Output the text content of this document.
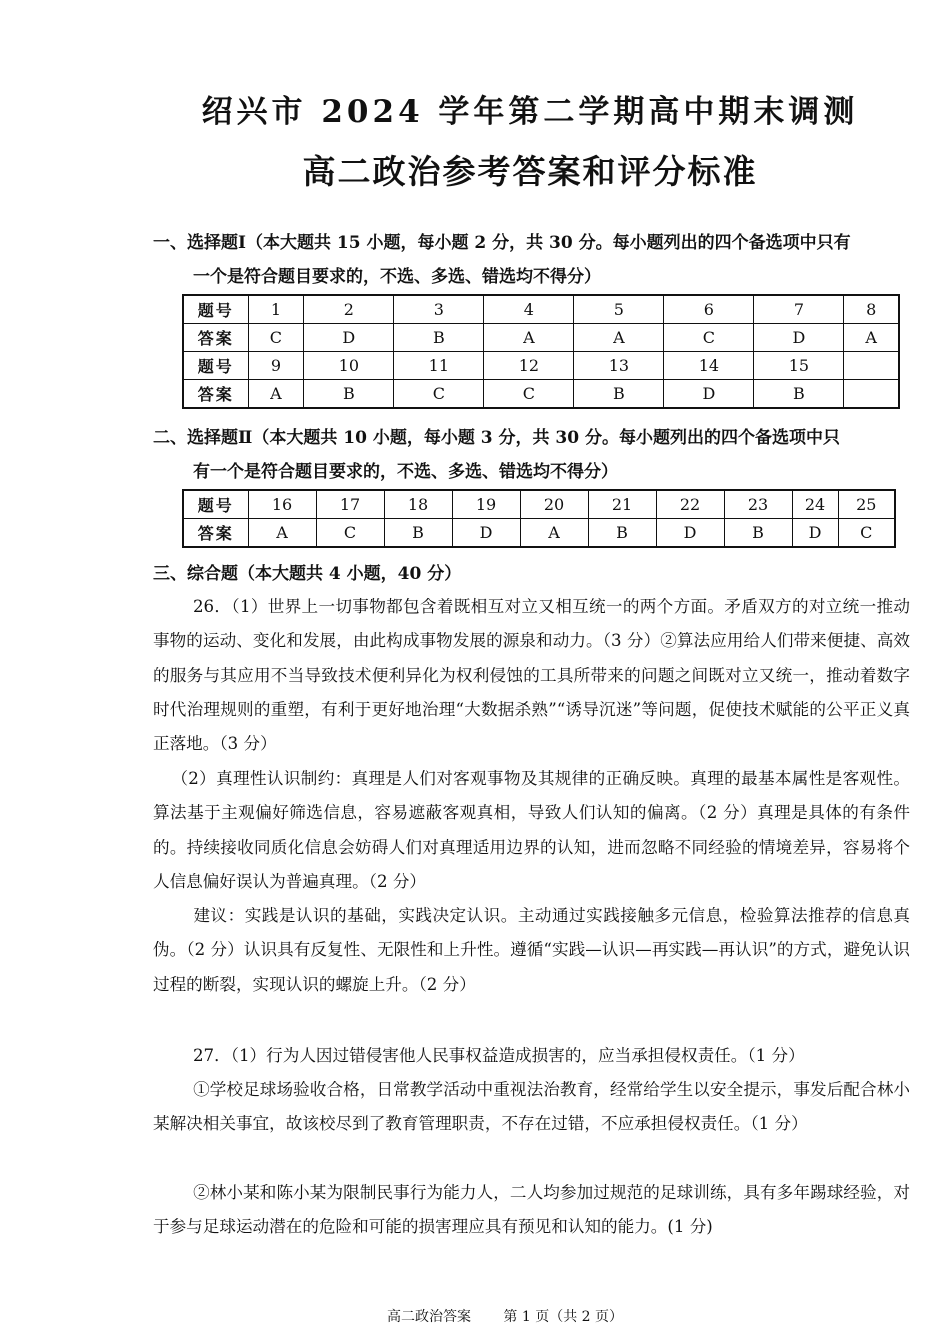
绍兴市 2024 学年第二学期高中期末调测
高二政治参考答案和评分标准
一、选择题Ⅰ（本大题共 15 小题，每小题 2 分，共 30 分。每小题列出的四个备选项中只有
一个是符合题目要求的，不选、多选、错选均不得分）
题号	1	2	3	4	5	6	7	8
答案	C	D	B	A	A	C	D	A
题号	9	10	11	12	13	14	15	
答案	A	B	C	C	B	D	B	
二、选择题Ⅱ（本大题共 10 小题，每小题 3 分，共 30 分。每小题列出的四个备选项中只
有一个是符合题目要求的，不选、多选、错选均不得分）
题号	16	17	18	19	20	21	22	23	24	25
答案	A	C	B	D	A	B	D	B	D	C
三、综合题（本大题共 4 小题，40 分）
26．（1）世界上一切事物都包含着既相互对立又相互统一的两个方面。矛盾双方的对立统一推动事物的运动、变化和发展，由此构成事物发展的源泉和动力。（3 分）②算法应用给人们带来便捷、高效的服务与其应用不当导致技术便利异化为权利侵蚀的工具所带来的问题之间既对立又统一，推动着数字时代治理规则的重塑，有利于更好地治理“大数据杀熟”“诱导沉迷”等问题，促使技术赋能的公平正义真正落地。（3 分）
（2）真理性认识制约：真理是人们对客观事物及其规律的正确反映。真理的最基本属性是客观性。算法基于主观偏好筛选信息，容易遮蔽客观真相，导致人们认知的偏离。（2 分）真理是具体的有条件的。持续接收同质化信息会妨碍人们对真理适用边界的认知，进而忽略不同经验的情境差异，容易将个人信息偏好误认为普遍真理。（2 分）
建议：实践是认识的基础，实践决定认识。主动通过实践接触多元信息，检验算法推荐的信息真伪。（2 分）认识具有反复性、无限性和上升性。遵循“实践—认识—再实践—再认识”的方式，避免认识过程的断裂，实现认识的螺旋上升。（2 分）
27．（1）行为人因过错侵害他人民事权益造成损害的，应当承担侵权责任。（1 分）
①学校足球场验收合格，日常教学活动中重视法治教育，经常给学生以安全提示，事发后配合林小某解决相关事宜，故该校尽到了教育管理职责，不存在过错，不应承担侵权责任。（1 分）
②林小某和陈小某为限制民事行为能力人，二人均参加过规范的足球训练，具有多年踢球经验，对于参与足球运动潜在的危险和可能的损害理应具有预见和认知的能力。(1 分)
高二政治答案 第 1 页（共 2 页）
